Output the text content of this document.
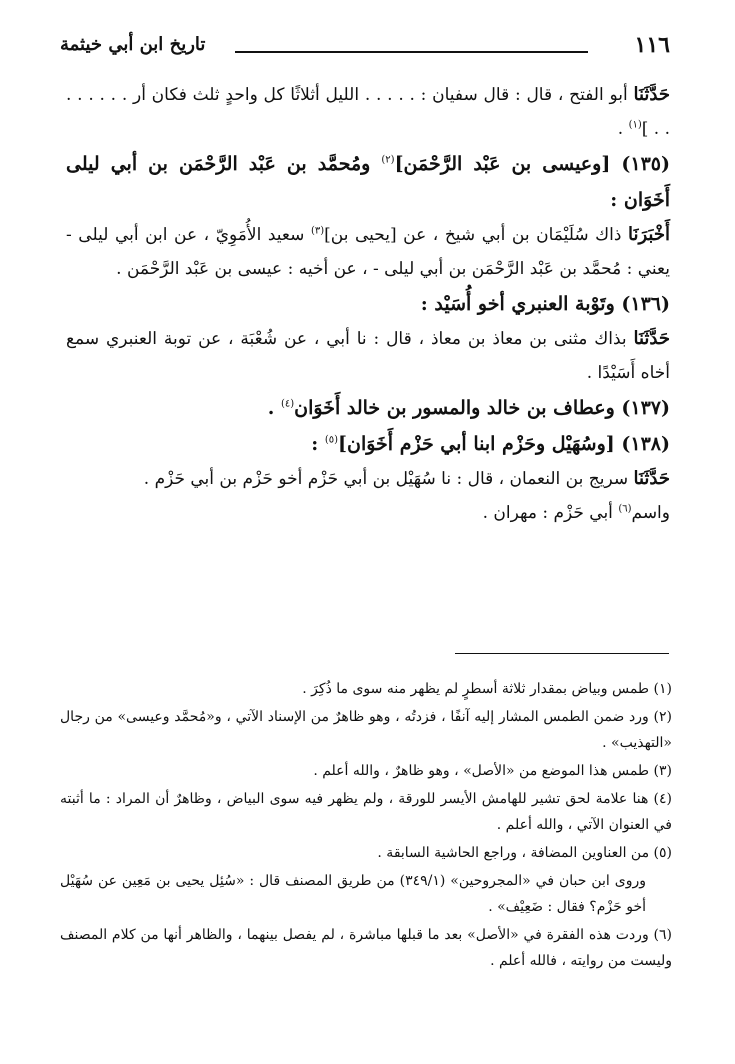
١١٦
تاريخ ابن أبي خيثمة

حَدَّثَنَا أبو الفتح ، قال : قال سفيان : . . . . . الليل أثلاثًا كل واحدٍ ثلث فكان أر . . . . . . . . ]$^{(١)}$ .

(١٣٥) [وعيسى بن عَبْد الرَّحْمَن]$^{(٢)}$ ومُحمَّد بن عَبْد الرَّحْمَن بن أبي ليلى أَخَوَان :

أَخْبَرَنَا ذاك سُلَيْمَان بن أبي شيخ ، عن [يحيى بن]$^{(٣)}$ سعيد الأُمَوِيّ ، عن ابن أبي ليلى - يعني : مُحمَّد بن عَبْد الرَّحْمَن بن أبي ليلى - ، عن أخيه : عيسى بن عَبْد الرَّحْمَن .

(١٣٦) وتَوْبة العنبري أخو أُسَيْد :

حَدَّثَنَا بذاك مثنى بن معاذ بن معاذ ، قال : نا أبي ، عن شُعْبَة ، عن توبة العنبري سمع أخاه أَسَيْدًا .

(١٣٧) وعطاف بن خالد والمسور بن خالد أَخَوَان$^{(٤)}$ .

(١٣٨) [وسُهَيْل وحَزْم ابنا أبي حَزْم أَخَوَان]$^{(٥)}$ :

حَدَّثَنَا سريج بن النعمان ، قال : نا سُهَيْل بن أبي حَزْم أخو حَزْم بن أبي حَزْم .

واسم$^{(٦)}$ أبي حَزْم : مهران .

(١) طمس وبياض بمقدار ثلاثة أسطرٍ لم يظهر منه سوى ما ذُكِرَ .

(٢) ورد ضمن الطمس المشار إليه آنفًا ، فزدتُه ، وهو ظاهرٌ من الإسناد الآتي ، و«مُحمَّد وعيسى» من رجال «التهذيب» .

(٣) طمس هذا الموضع من «الأصل» ، وهو ظاهرٌ ، والله أعلم .

(٤) هنا علامة لحق تشير للهامش الأيسر للورقة ، ولم يظهر فيه سوى البياض ، وظاهرٌ أن المراد : ما أثبته في العنوان الآتي ، والله أعلم .

(٥) من العناوين المضافة ، وراجع الحاشية السابقة .

وروى ابن حبان في «المجروحين» (٣٤٩/١) من طريق المصنف قال : «سُئِل يحيى بن مَعِين عن سُهَيْل أخو حَزْم؟ فقال : ضَعِيْف» .

(٦) وردت هذه الفقرة في «الأصل» بعد ما قبلها مباشرة ، لم يفصل بينهما ، والظاهر أنها من كلام المصنف وليست من روايته ، فالله أعلم .
